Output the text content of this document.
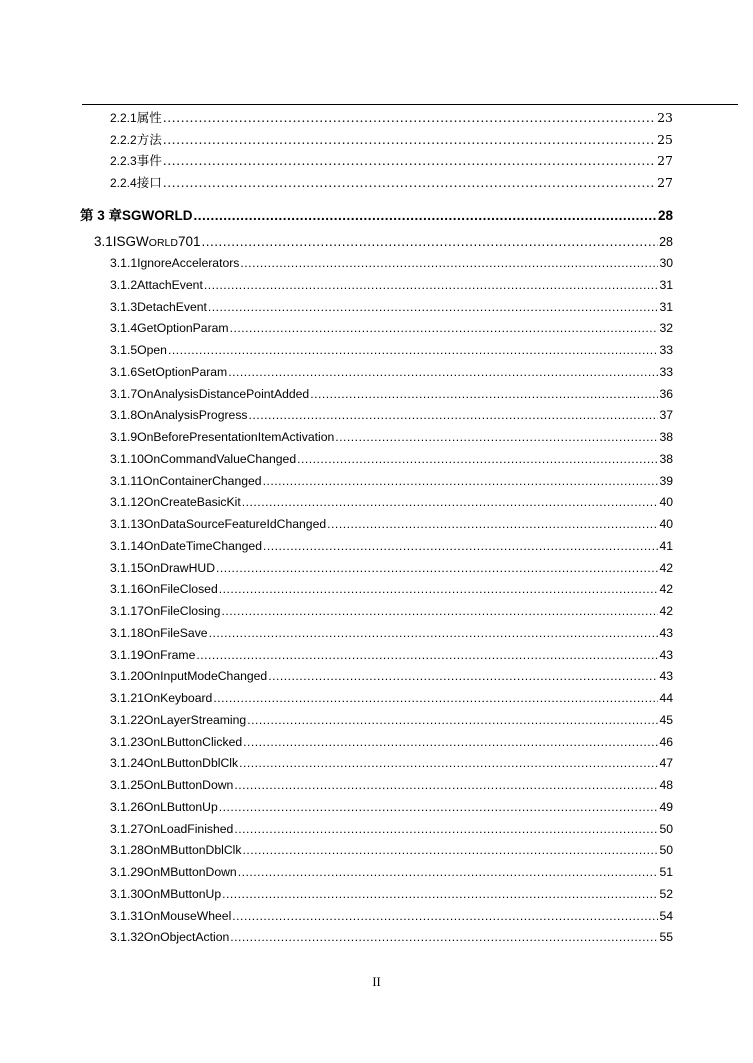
2.2.1 属性 .....	23
2.2.2 方法 .....	25
2.2.3 事件 .....	27
2.2.4 接口 .....	27
第 3 章 SGWORLD .....	28
3.1 ISGWORLD701 .....	28
3.1.1 IgnoreAccelerators .....	30
3.1.2 AttachEvent .....	31
3.1.3 DetachEvent .....	31
3.1.4 GetOptionParam .....	32
3.1.5 Open .....	33
3.1.6 SetOptionParam .....	33
3.1.7 OnAnalysisDistancePointAdded .....	36
3.1.8 OnAnalysisProgress .....	37
3.1.9 OnBeforePresentationItemActivation .....	38
3.1.10 OnCommandValueChanged .....	38
3.1.11 OnContainerChanged .....	39
3.1.12 OnCreateBasicKit .....	40
3.1.13 OnDataSourceFeatureIdChanged .....	40
3.1.14 OnDateTimeChanged .....	41
3.1.15 OnDrawHUD .....	42
3.1.16 OnFileClosed .....	42
3.1.17 OnFileClosing .....	42
3.1.18 OnFileSave .....	43
3.1.19 OnFrame .....	43
3.1.20 OnInputModeChanged .....	43
3.1.21 OnKeyboard .....	44
3.1.22 OnLayerStreaming .....	45
3.1.23 OnLButtonClicked .....	46
3.1.24 OnLButtonDblClk .....	47
3.1.25 OnLButtonDown .....	48
3.1.26 OnLButtonUp .....	49
3.1.27 OnLoadFinished .....	50
3.1.28 OnMButtonDblClk .....	50
3.1.29 OnMButtonDown .....	51
3.1.30 OnMButtonUp .....	52
3.1.31 OnMouseWheel .....	54
3.1.32 OnObjectAction .....	55
II
